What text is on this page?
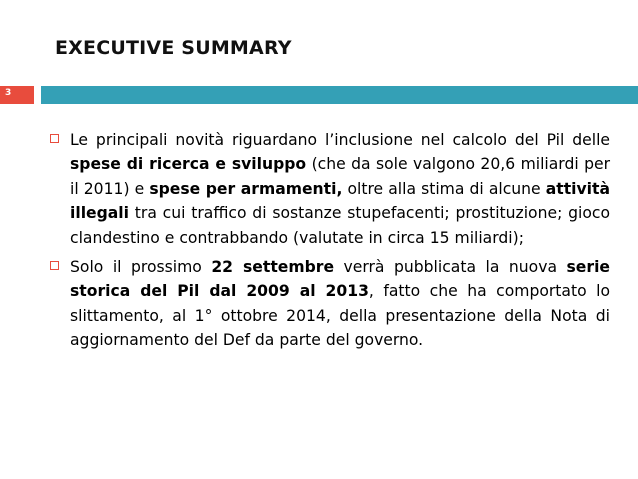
EXECUTIVE SUMMARY
3
Le principali novità riguardano l’inclusione nel calcolo del Pil delle spese di ricerca e sviluppo (che da sole valgono 20,6 miliardi per il 2011) e spese per armamenti, oltre alla stima di alcune attività illegali tra cui traffico di sostanze stupefacenti; prostituzione; gioco clandestino e contrabbando (valutate in circa 15 miliardi);
Solo il prossimo 22 settembre verrà pubblicata la nuova serie storica del Pil dal 2009 al 2013, fatto che ha comportato lo slittamento, al 1° ottobre 2014, della presentazione della Nota di aggiornamento del Def da parte del governo.
